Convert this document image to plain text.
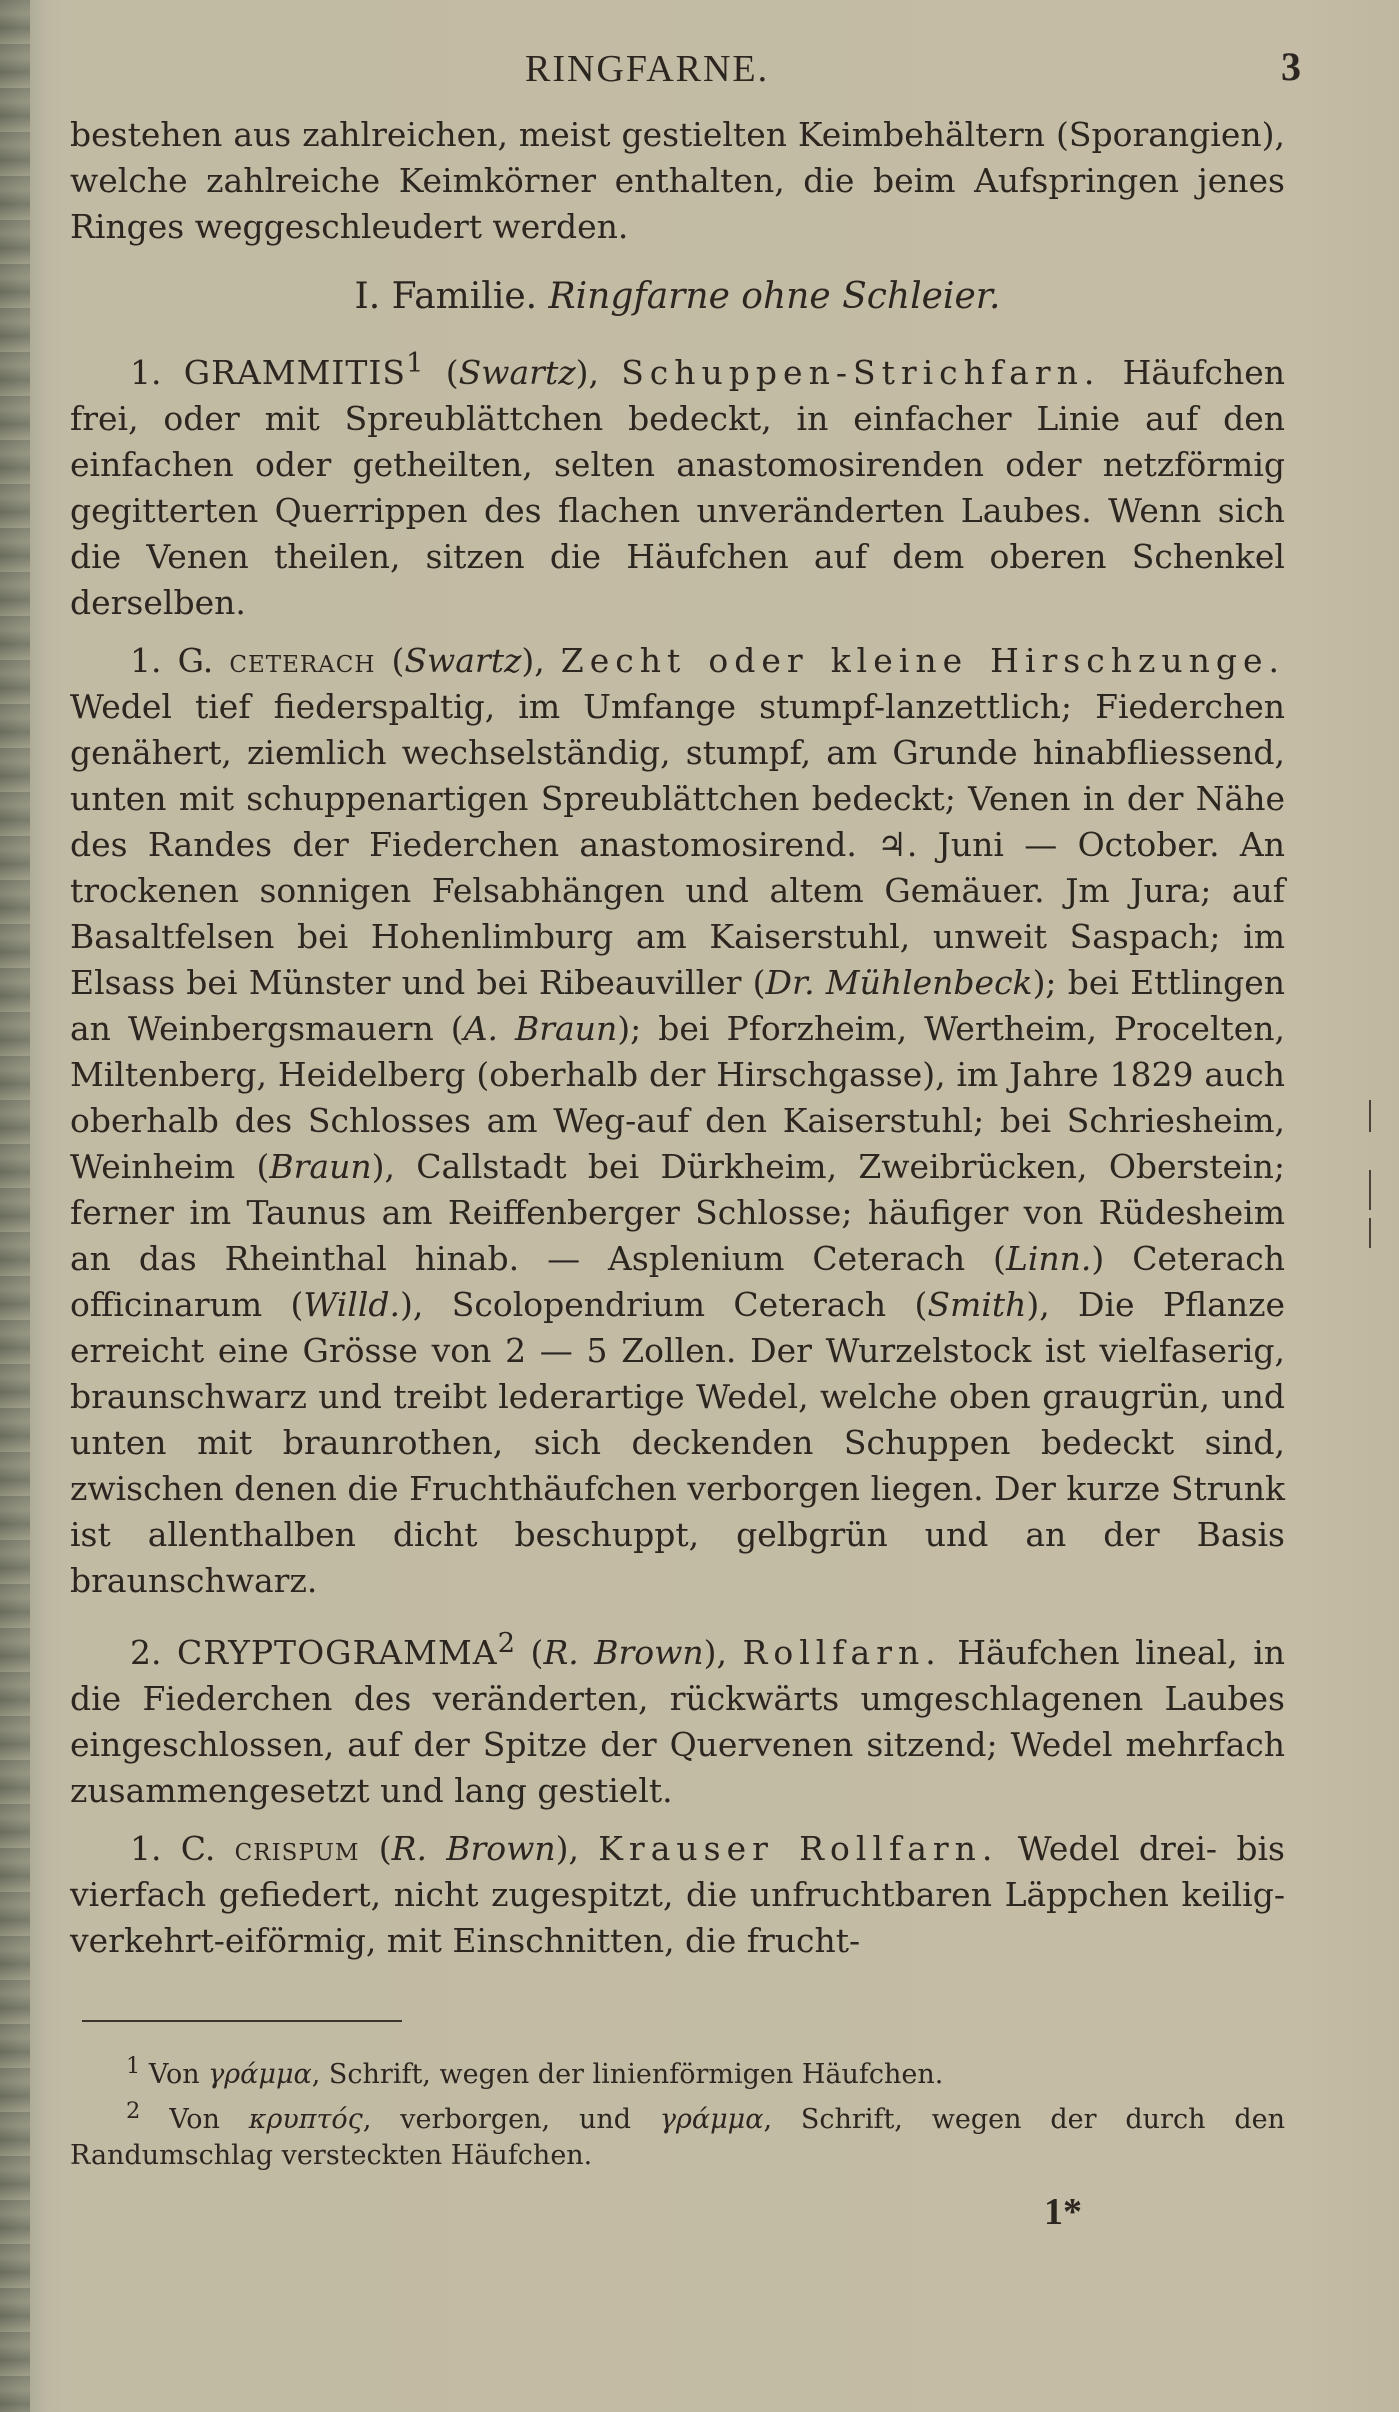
RINGFARNE.	3

bestehen aus zahlreichen, meist gestielten Keimbehältern (Sporangien), welche zahlreiche Keimkörner enthalten, die beim Aufspringen jenes Ringes weggeschleudert werden.

I. Familie. Ringfarne ohne Schleier.

1. GRAMMITIS$^1$ (Swartz), Schuppen-Strichfarn. Häufchen frei, oder mit Spreublättchen bedeckt, in einfacher Linie auf den einfachen oder getheilten, selten anastomosirenden oder netzförmig gegitterten Querrippen des flachen unveränderten Laubes. Wenn sich die Venen theilen, sitzen die Häufchen auf dem oberen Schenkel derselben.

1. G. ceterach (Swartz), Zecht oder kleine Hirschzunge. Wedel tief fiederspaltig, im Umfange stumpf-lanzettlich; Fiederchen genähert, ziemlich wechselständig, stumpf, am Grunde hinabfliessend, unten mit schuppenartigen Spreublättchen bedeckt; Venen in der Nähe des Randes der Fiederchen anastomosirend. ♃. Juni — October. An trockenen sonnigen Felsabhängen und altem Gemäuer. Jm Jura; auf Basaltfelsen bei Hohenlimburg am Kaiserstuhl, unweit Saspach; im Elsass bei Münster und bei Ribeauviller (Dr. Mühlenbeck); bei Ettlingen an Weinbergsmauern (A. Braun); bei Pforzheim, Wertheim, Procelten, Miltenberg, Heidelberg (oberhalb der Hirschgasse), im Jahre 1829 auch oberhalb des Schlosses am Weg-auf den Kaiserstuhl; bei Schriesheim, Weinheim (Braun), Callstadt bei Dürkheim, Zweibrücken, Oberstein; ferner im Taunus am Reiffenberger Schlosse; häufiger von Rüdesheim an das Rheinthal hinab. — Asplenium Ceterach (Linn.) Ceterach officinarum (Willd.), Scolopendrium Ceterach (Smith), Die Pflanze erreicht eine Grösse von 2 — 5 Zollen. Der Wurzelstock ist vielfaserig, braunschwarz und treibt lederartige Wedel, welche oben graugrün, und unten mit braunrothen, sich deckenden Schuppen bedeckt sind, zwischen denen die Fruchthäufchen verborgen liegen. Der kurze Strunk ist allenthalben dicht beschuppt, gelbgrün und an der Basis braunschwarz.

2. CRYPTOGRAMMA$^2$ (R. Brown), Rollfarn. Häufchen lineal, in die Fiederchen des veränderten, rückwärts umgeschlagenen Laubes eingeschlossen, auf der Spitze der Quervenen sitzend; Wedel mehrfach zusammengesetzt und lang gestielt.

1. C. crispum (R. Brown), Krauser Rollfarn. Wedel drei- bis vierfach gefiedert, nicht zugespitzt, die unfruchtbaren Läppchen keilig-verkehrt-eiförmig, mit Einschnitten, die frucht-

$^1$ Von γράμμα, Schrift, wegen der linienförmigen Häufchen.

$^2$ Von κρυπτός, verborgen, und γράμμα, Schrift, wegen der durch den Randumschlag versteckten Häufchen.

1*
